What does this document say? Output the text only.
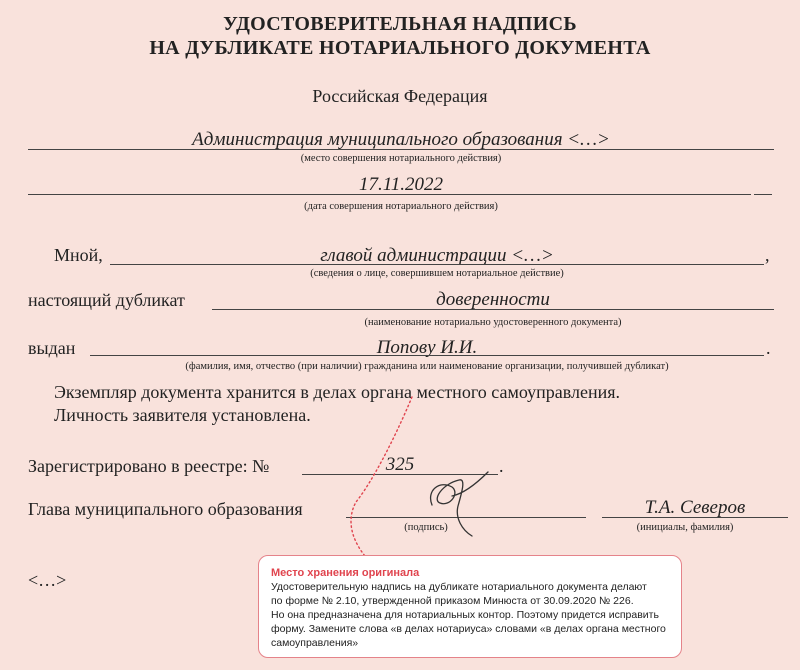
УДОСТОВЕРИТЕЛЬНАЯ НАДПИСЬ
НА ДУБЛИКАТЕ НОТАРИАЛЬНОГО ДОКУМЕНТА
Российская Федерация
Администрация муниципального образования <…>
(место совершения нотариального действия)
17.11.2022
(дата совершения нотариального действия)
Мной,	главой администрации <…>	,
(сведения о лице, совершившем нотариальное действие)
настоящий дубликат	доверенности
(наименование нотариально удостоверенного документа)
выдан	Попову И.И.	.
(фамилия, имя, отчество (при наличии) гражданина или наименование организации, получившей дубликат)
Экземпляр документа хранится в делах органа местного самоуправления.
Личность заявителя установлена.
Зарегистрировано в реестре: №	325	.
Глава муниципального образования
(подпись)
Т.А. Северов
(инициалы, фамилия)
<…>	Место хранения оригинала
Удостоверительную надпись на дубликате нотариального документа делают
по форме № 2.10, утвержденной приказом Минюста от 30.09.2020 № 226.
Но она предназначена для нотариальных контор. Поэтому придется исправить
форму. Замените слова «в делах нотариуса» словами «в делах органа местного
самоуправления»
